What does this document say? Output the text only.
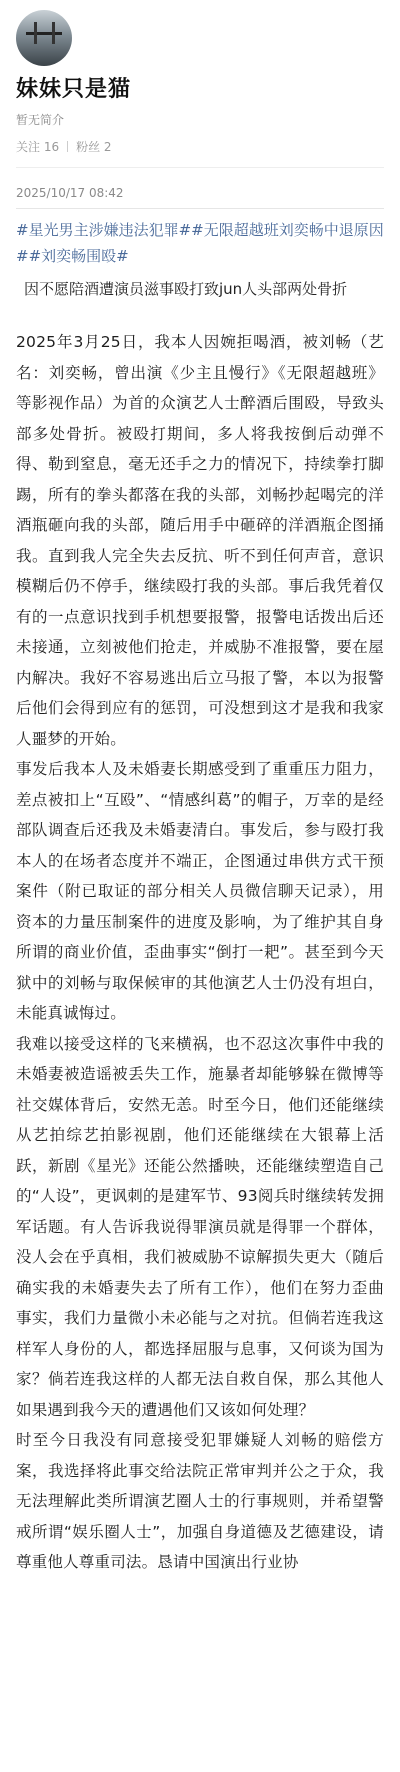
妹妹只是猫
暂无简介
关注 16 粉丝 2
2025/10/17 08:42
#星光男主涉嫌违法犯罪##无限超越班刘奕畅中退原因##刘奕畅围殴#
因不愿陪酒遭演员滋事殴打致jun人头部两处骨折

2025年3月25日，我本人因婉拒喝酒，被刘畅（艺名：刘奕畅，曾出演《少主且慢行》《无限超越班》等影视作品）为首的众演艺人士醉酒后围殴，导致头部多处骨折。被殴打期间，多人将我按倒后动弹不得、勒到窒息，毫无还手之力的情况下，持续拳打脚踢，所有的拳头都落在我的头部，刘畅抄起喝完的洋酒瓶砸向我的头部，随后用手中砸碎的洋酒瓶企图捅我。直到我人完全失去反抗、听不到任何声音，意识模糊后仍不停手，继续殴打我的头部。事后我凭着仅有的一点意识找到手机想要报警，报警电话拨出后还未接通，立刻被他们抢走，并威胁不准报警，要在屋内解决。我好不容易逃出后立马报了警，本以为报警后他们会得到应有的惩罚，可没想到这才是我和我家人噩梦的开始。

事发后我本人及未婚妻长期感受到了重重压力阻力，差点被扣上“互殴”、“情感纠葛”的帽子，万幸的是经部队调查后还我及未婚妻清白。事发后，参与殴打我本人的在场者态度并不端正，企图通过串供方式干预案件（附已取证的部分相关人员微信聊天记录），用资本的力量压制案件的进度及影响，为了维护其自身所谓的商业价值，歪曲事实“倒打一耙”。甚至到今天狱中的刘畅与取保候审的其他演艺人士仍没有坦白，未能真诚悔过。

我难以接受这样的飞来横祸，也不忍这次事件中我的未婚妻被造谣被丢失工作，施暴者却能够躲在微博等社交媒体背后，安然无恙。时至今日，他们还能继续从艺拍综艺拍影视剧，他们还能继续在大银幕上活跃，新剧《星光》还能公然播映，还能继续塑造自己的“人设”，更讽刺的是建军节、93阅兵时继续转发拥军话题。有人告诉我说得罪演员就是得罪一个群体，没人会在乎真相，我们被威胁不谅解损失更大（随后确实我的未婚妻失去了所有工作），他们在努力歪曲事实，我们力量微小未必能与之对抗。但倘若连我这样军人身份的人，都选择屈服与息事，又何谈为国为家？倘若连我这样的人都无法自救自保，那么其他人如果遇到我今天的遭遇他们又该如何处理？

时至今日我没有同意接受犯罪嫌疑人刘畅的赔偿方案，我选择将此事交给法院正常审判并公之于众，我无法理解此类所谓演艺圈人士的行事规则，并希望警戒所谓“娱乐圈人士”，加强自身道德及艺德建设，请尊重他人尊重司法。恳请中国演出行业协
